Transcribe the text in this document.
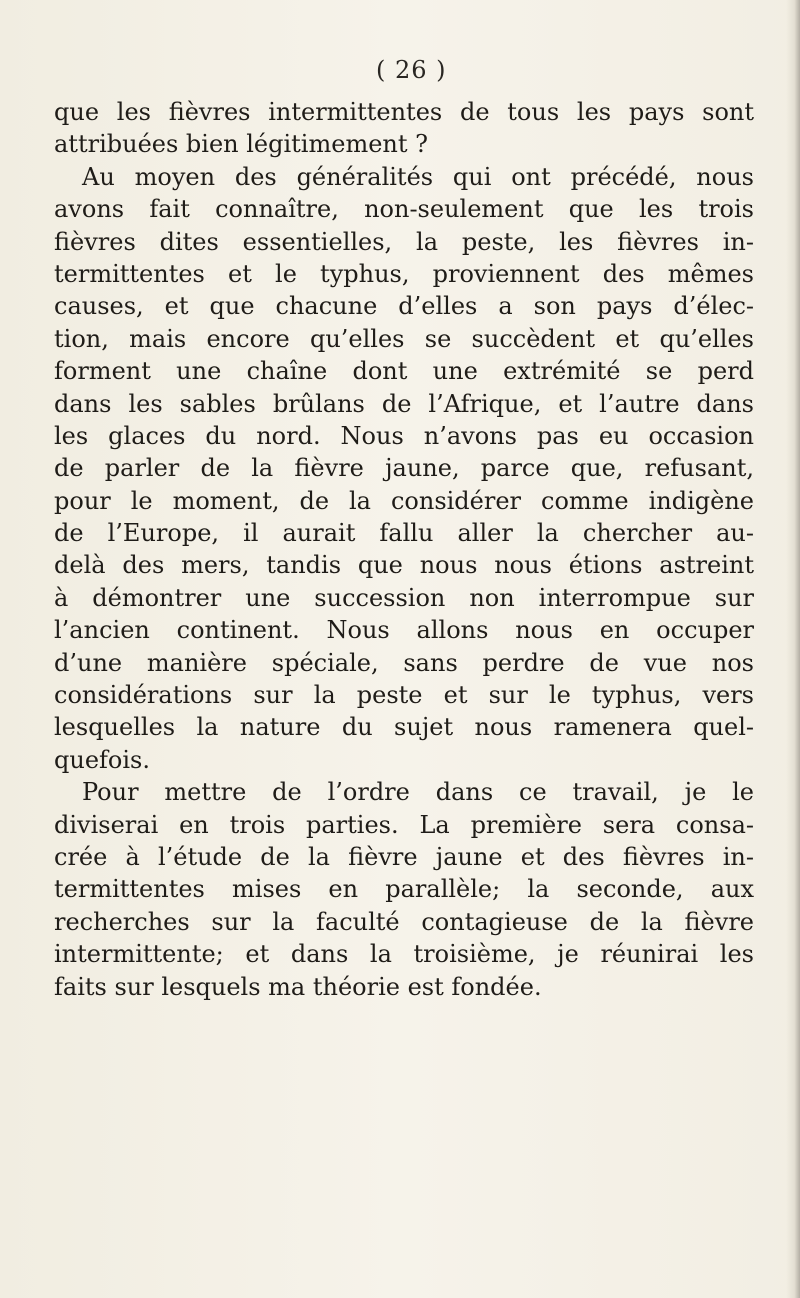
( 26 )
que les fièvres intermittentes de tous les pays sont
attribuées bien légitimement ?
Au moyen des généralités qui ont précédé, nous
avons fait connaître, non-seulement que les trois
fièvres dites essentielles, la peste, les fièvres in-
termittentes et le typhus, proviennent des mêmes
causes, et que chacune d’elles a son pays d’élec-
tion, mais encore qu’elles se succèdent et qu’elles
forment une chaîne dont une extrémité se perd
dans les sables brûlans de l’Afrique, et l’autre dans
les glaces du nord. Nous n’avons pas eu occasion
de parler de la fièvre jaune, parce que, refusant,
pour le moment, de la considérer comme indigène
de l’Europe, il aurait fallu aller la chercher au-
delà des mers, tandis que nous nous étions astreint
à démontrer une succession non interrompue sur
l’ancien continent. Nous allons nous en occuper
d’une manière spéciale, sans perdre de vue nos
considérations sur la peste et sur le typhus, vers
lesquelles la nature du sujet nous ramenera quel-
quefois.
Pour mettre de l’ordre dans ce travail, je le
diviserai en trois parties. La première sera consa-
crée à l’étude de la fièvre jaune et des fièvres in-
termittentes mises en parallèle; la seconde, aux
recherches sur la faculté contagieuse de la fièvre
intermittente; et dans la troisième, je réunirai les
faits sur lesquels ma théorie est fondée.
